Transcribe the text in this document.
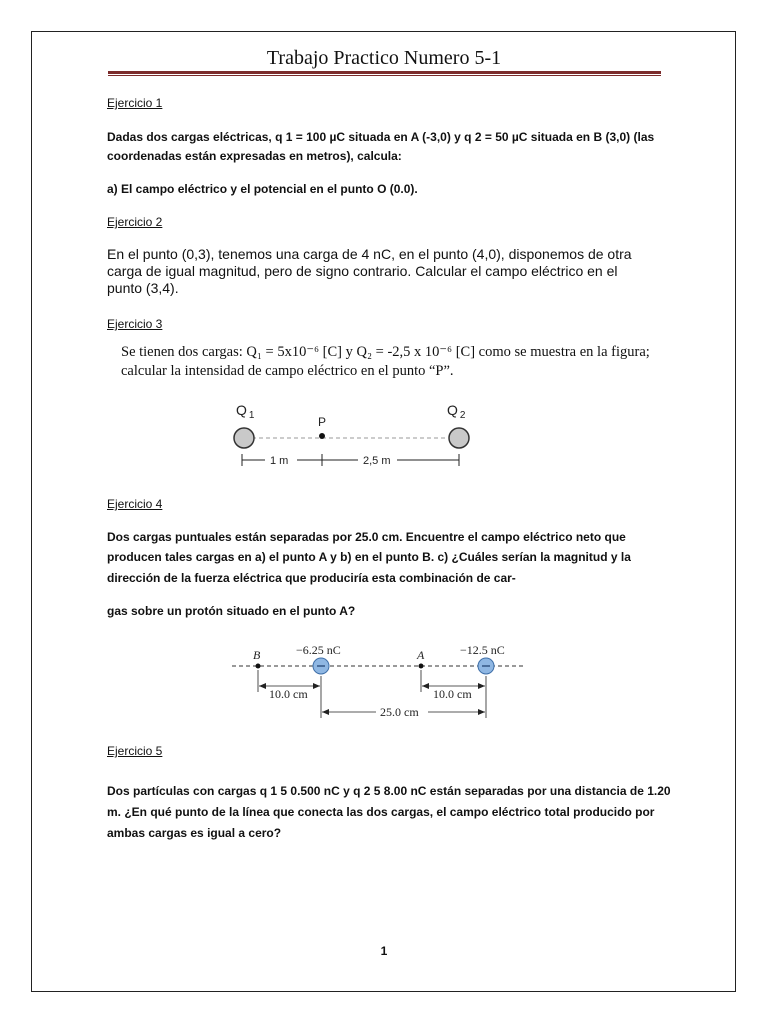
Trabajo Practico Numero 5-1
Ejercicio 1
Dadas dos cargas eléctricas, q 1 = 100 µC situada en A (-3,0) y q 2 = 50 µC situada en B (3,0) (las
coordenadas están expresadas en metros), calcula:
a) El campo eléctrico y el potencial en el punto O (0.0).
Ejercicio 2
En el punto (0,3), tenemos una carga de 4 nC, en el punto (4,0), disponemos de otra
carga de igual magnitud, pero de signo contrario. Calcular el campo eléctrico en el
punto (3,4).
Ejercicio 3
Se tienen dos cargas: Q₁ = 5x10⁻⁶ [C] y Q₂ = -2,5 x 10⁻⁶ [C] como se muestra en la figura;
calcular la intensidad de campo eléctrico en el punto “P”.
Q $_1$	P
Q $_2$
1 m	2,5 m
Ejercicio 4
Dos cargas puntuales están separadas por 25.0 cm. Encuentre el campo eléctrico neto que
producen tales cargas en a) el punto A y b) en el punto B. c) ¿Cuáles serían la magnitud y la
dirección de la fuerza eléctrica que produciría esta combinación de car-
gas sobre un protón situado en el punto A?
B	−6.25 nC	A	−12.5 nC
10.0 cm	10.0 cm
25.0 cm
Ejercicio 5
Dos partículas con cargas q 1 5 0.500 nC y q 2 5 8.00 nC están separadas por una distancia de 1.20
m. ¿En qué punto de la línea que conecta las dos cargas, el campo eléctrico total producido por
ambas cargas es igual a cero?
1
